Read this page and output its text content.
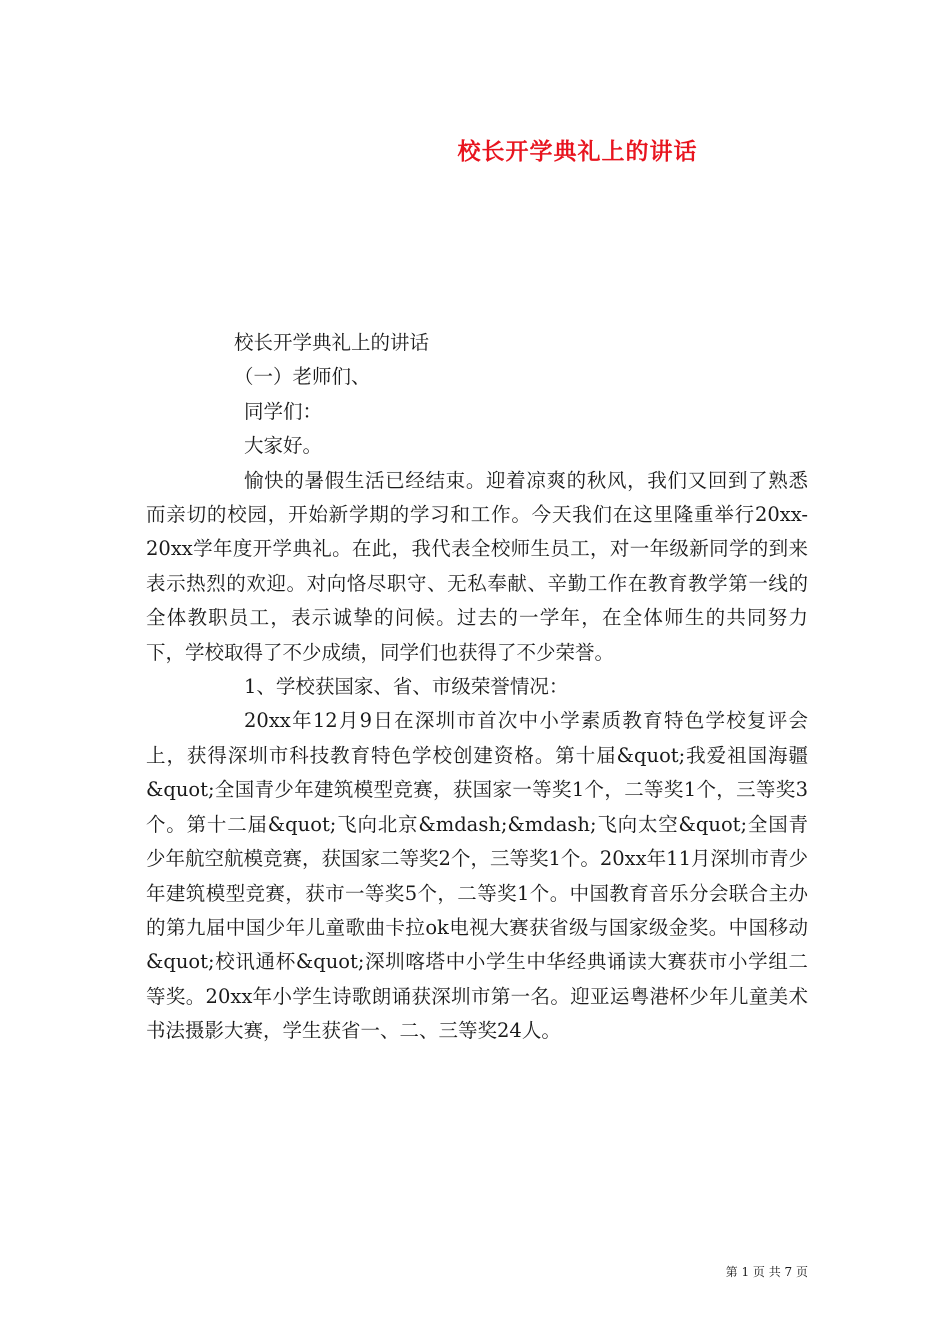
校长开学典礼上的讲话
校长开学典礼上的讲话
（一）老师们、
同学们：
大家好。

愉快的暑假生活已经结束。迎着凉爽的秋风，我们又回到了熟悉而亲切的校园，开始新学期的学习和工作。今天我们在这里隆重举行20xx-20xx学年度开学典礼。在此，我代表全校师生员工，对一年级新同学的到来表示热烈的欢迎。对向恪尽职守、无私奉献、辛勤工作在教育教学第一线的全体教职员工，表示诚挚的问候。过去的一学年，在全体师生的共同努力下，学校取得了不少成绩，同学们也获得了不少荣誉。

1、学校获国家、省、市级荣誉情况：

20xx年12月9日在深圳市首次中小学素质教育特色学校复评会上，获得深圳市科技教育特色学校创建资格。第十届&quot;我爱祖国海疆&quot;全国青少年建筑模型竞赛，获国家一等奖1个，二等奖1个，三等奖3个。第十二届&quot;飞向北京&mdash;&mdash;飞向太空&quot;全国青少年航空航模竞赛，获国家二等奖2个，三等奖1个。20xx年11月深圳市青少年建筑模型竞赛，获市一等奖5个，二等奖1个。中国教育音乐分会联合主办的第九届中国少年儿童歌曲卡拉ok电视大赛获省级与国家级金奖。中国移动&quot;校讯通杯&quot;深圳喀塔中小学生中华经典诵读大赛获市小学组二等奖。20xx年小学生诗歌朗诵获深圳市第一名。迎亚运粤港杯少年儿童美术书法摄影大赛，学生获省一、二、三等奖24人。

第 1 页 共 7 页
